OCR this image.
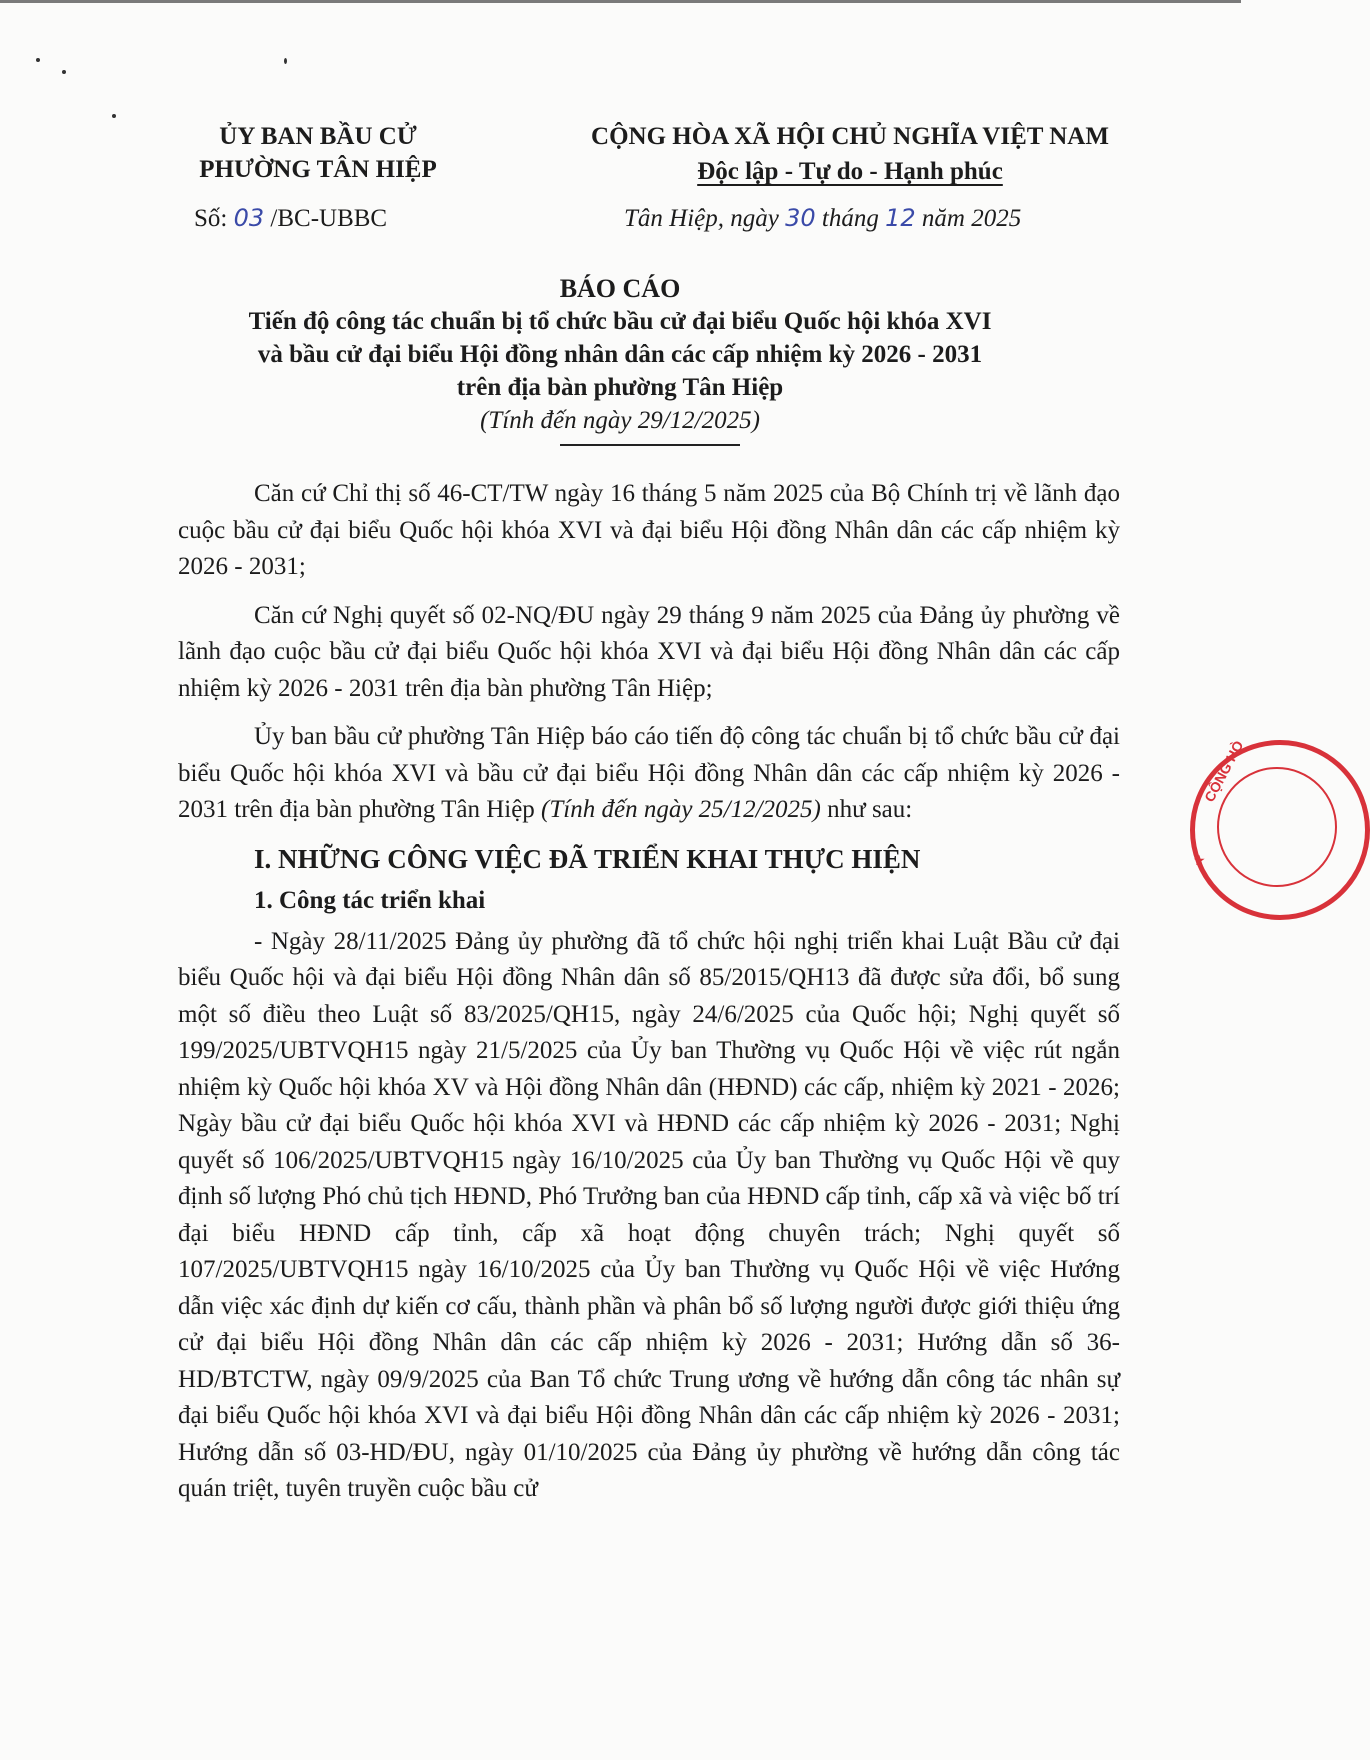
ỦY BAN BẦU CỬ
PHƯỜNG TÂN HIỆP
CỘNG HÒA XÃ HỘI CHỦ NGHĨA VIỆT NAM
Độc lập - Tự do - Hạnh phúc
Số: 03 /BC-UBBC	Tân Hiệp, ngày 30 tháng 12 năm 2025
BÁO CÁO
Tiến độ công tác chuẩn bị tổ chức bầu cử đại biểu Quốc hội khóa XVI
và bầu cử đại biểu Hội đồng nhân dân các cấp nhiệm kỳ 2026 - 2031
trên địa bàn phường Tân Hiệp
(Tính đến ngày 29/12/2025)

Căn cứ Chỉ thị số 46-CT/TW ngày 16 tháng 5 năm 2025 của Bộ Chính trị về lãnh đạo cuộc bầu cử đại biểu Quốc hội khóa XVI và đại biểu Hội đồng Nhân dân các cấp nhiệm kỳ 2026 - 2031;

Căn cứ Nghị quyết số 02-NQ/ĐU ngày 29 tháng 9 năm 2025 của Đảng ủy phường về lãnh đạo cuộc bầu cử đại biểu Quốc hội khóa XVI và đại biểu Hội đồng Nhân dân các cấp nhiệm kỳ 2026 - 2031 trên địa bàn phường Tân Hiệp;

Ủy ban bầu cử phường Tân Hiệp báo cáo tiến độ công tác chuẩn bị tổ chức bầu cử đại biểu Quốc hội khóa XVI và bầu cử đại biểu Hội đồng Nhân dân các cấp nhiệm kỳ 2026 - 2031 trên địa bàn phường Tân Hiệp (Tính đến ngày 25/12/2025) như sau:

I. NHỮNG CÔNG VIỆC ĐÃ TRIỂN KHAI THỰC HIỆN
1. Công tác triển khai

- Ngày 28/11/2025 Đảng ủy phường đã tổ chức hội nghị triển khai Luật Bầu cử đại biểu Quốc hội và đại biểu Hội đồng Nhân dân số 85/2015/QH13 đã được sửa đổi, bổ sung một số điều theo Luật số 83/2025/QH15, ngày 24/6/2025 của Quốc hội; Nghị quyết số 199/2025/UBTVQH15 ngày 21/5/2025 của Ủy ban Thường vụ Quốc Hội về việc rút ngắn nhiệm kỳ Quốc hội khóa XV và Hội đồng Nhân dân (HĐND) các cấp, nhiệm kỳ 2021 - 2026; Ngày bầu cử đại biểu Quốc hội khóa XVI và HĐND các cấp nhiệm kỳ 2026 - 2031; Nghị quyết số 106/2025/UBTVQH15 ngày 16/10/2025 của Ủy ban Thường vụ Quốc Hội về quy định số lượng Phó chủ tịch HĐND, Phó Trưởng ban của HĐND cấp tỉnh, cấp xã và việc bố trí đại biểu HĐND cấp tỉnh, cấp xã hoạt động chuyên trách; Nghị quyết số 107/2025/UBTVQH15 ngày 16/10/2025 của Ủy ban Thường vụ Quốc Hội về việc Hướng dẫn việc xác định dự kiến cơ cấu, thành phần và phân bổ số lượng người được giới thiệu ứng cử đại biểu Hội đồng Nhân dân các cấp nhiệm kỳ 2026 - 2031; Hướng dẫn số 36-HD/BTCTW, ngày 09/9/2025 của Ban Tổ chức Trung ương về hướng dẫn công tác nhân sự đại biểu Quốc hội khóa XVI và đại biểu Hội đồng Nhân dân các cấp nhiệm kỳ 2026 - 2031; Hướng dẫn số 03-HD/ĐU, ngày 01/10/2025 của Đảng ủy phường về hướng dẫn công tác quán triệt, tuyên truyền cuộc bầu cử

CỘNG HÒ
★
